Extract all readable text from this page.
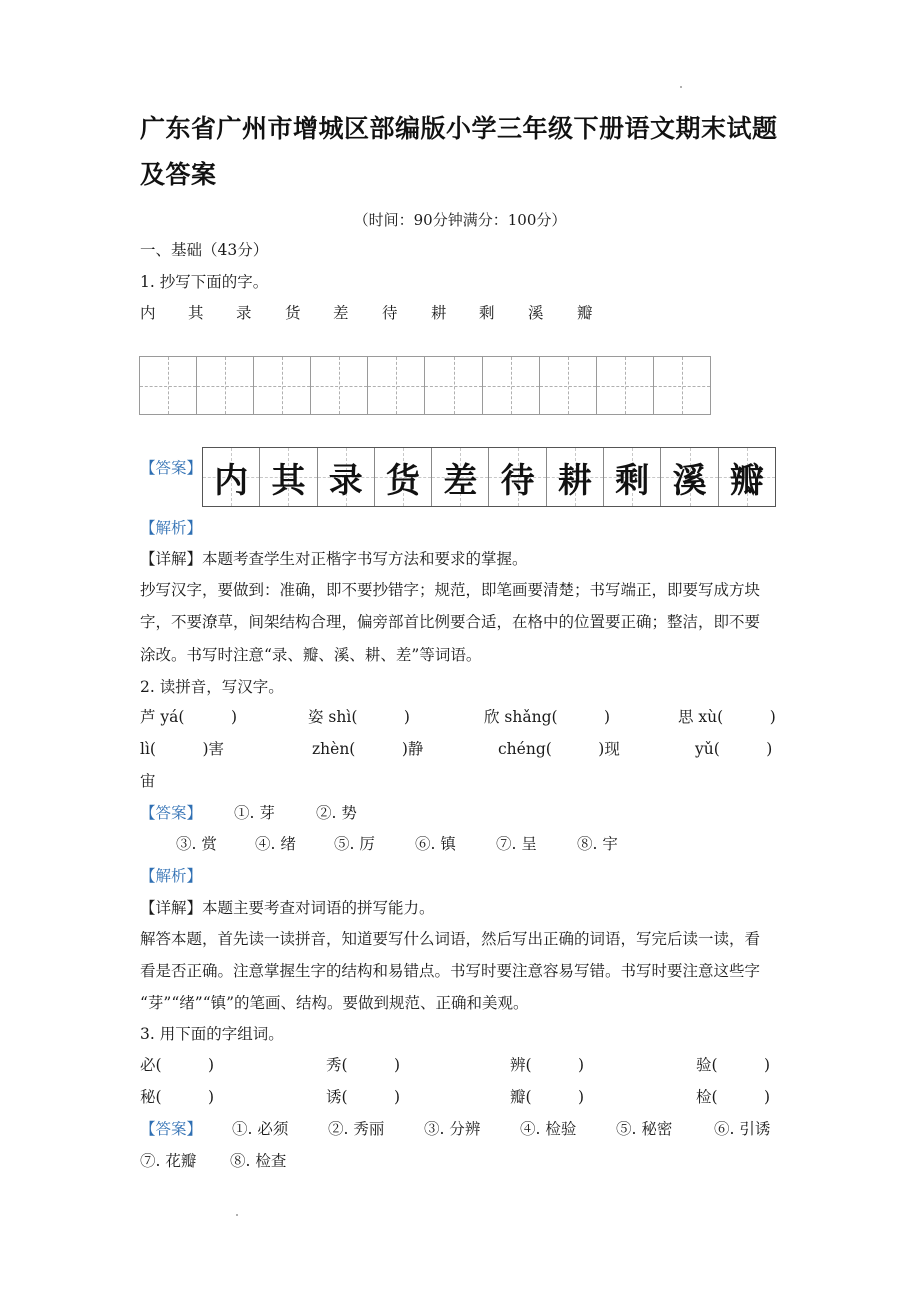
广东省广州市增城区部编版小学三年级下册语文期末试题
及答案
（时间：90分钟满分：100分）
一、基础（43分）
1. 抄写下面的字。
内 其 录 货 差 待 耕 剩 溪 瓣
【答案】 内 其 录 货 差 待 耕 剩 溪 瓣
【解析】
【详解】本题考查学生对正楷字书写方法和要求的掌握。
抄写汉字，要做到：准确，即不要抄错字；规范，即笔画要清楚；书写端正，即要写成方块
字，不要潦草，间架结构合理，偏旁部首比例要合适，在格中的位置要正确；整洁，即不要
涂改。书写时注意“录、瓣、溪、耕、差”等词语。
2. 读拼音，写汉字。
芦 yá(　　　)	姿 shì(　　　)	欣 shǎng(　　　)	思 xù(　　　)
lì(　　　)害	zhèn(　　　)静	chéng(　　　)现	yǔ(　　　)
宙
【答案】 ①. 芽	②. 势
③. 赏 ④. 绪 ⑤. 厉	⑥. 镇	⑦. 呈	⑧. 宇
【解析】
【详解】本题主要考查对词语的拼写能力。
解答本题，首先读一读拼音，知道要写什么词语，然后写出正确的词语，写完后读一读，看
看是否正确。注意掌握生字的结构和易错点。书写时要注意容易写错。书写时要注意这些字
“芽”“绪”“镇”的笔画、结构。要做到规范、正确和美观。
3. 用下面的字组词。
必(　　　)	秀(　　　)	辨(　　　)	验(　　　)
秘(　　　)	诱(　　　)	瓣(　　　)	检(　　　)
【答案】 ①. 必须	②. 秀丽	③. 分辨	④. 检验	⑤. 秘密	⑥. 引诱
⑦. 花瓣 ⑧. 检查
